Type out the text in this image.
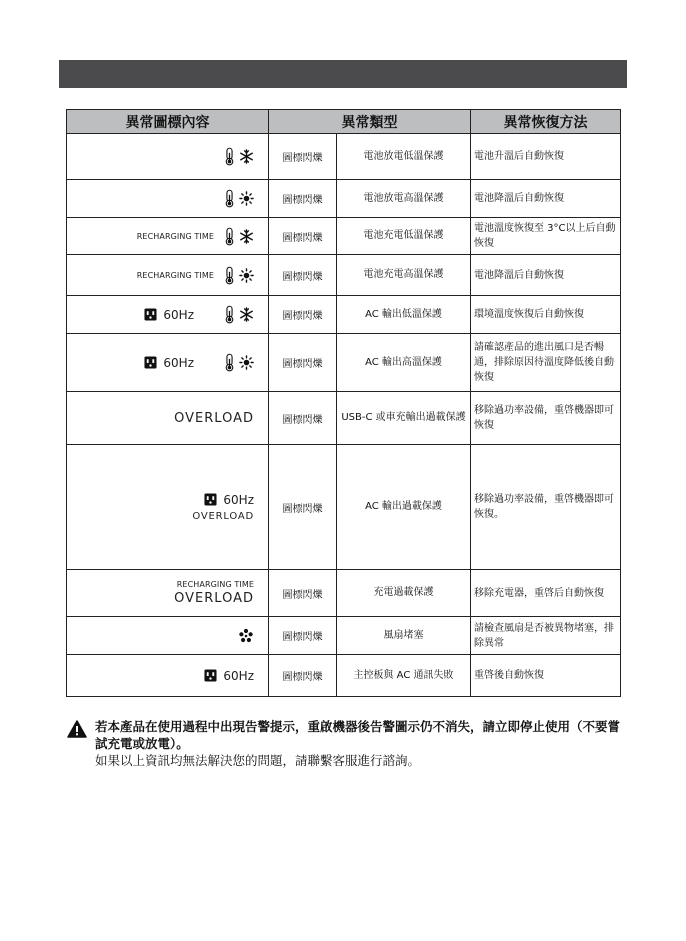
異常圖標內容	異常類型		異常恢復方法

	圖標閃爍	電池放電低溫保護	電池升溫后自動恢復

	圖標閃爍	電池放電高溫保護	電池降溫后自動恢復

RECHARGING TIME	圖標閃爍	電池充電低溫保護	電池溫度恢復至 3°C以上后自動恢復

RECHARGING TIME	圖標閃爍	電池充電高溫保護	電池降溫后自動恢復

60Hz	圖標閃爍	AC 輸出低溫保護	環境溫度恢復后自動恢復

60Hz	圖標閃爍	AC 輸出高溫保護	請確認產品的進出風口是否暢通，排除原因待溫度降低後自動恢復

OVERLOAD	圖標閃爍	USB-C 或車充輸出過載保護	移除過功率設備，重啓機器即可恢復

60Hz
OVERLOAD	圖標閃爍	AC 輸出過載保護	移除過功率設備，重啓機器即可恢復。

RECHARGING TIME
OVERLOAD	圖標閃爍	充電過載保護	移除充電器，重啓后自動恢復

	圖標閃爍	風扇堵塞	請檢查風扇是否被異物堵塞，排除異常

60Hz	圖標閃爍	主控板與 AC 通訊失敗	重啓後自動恢復
若本產品在使用過程中出現告警提示，重啟機器後告警圖示仍不消失，請立即停止使用（不要嘗試充電或放電）。
如果以上資訊均無法解決您的問題，請聯繫客服進行諮詢。
